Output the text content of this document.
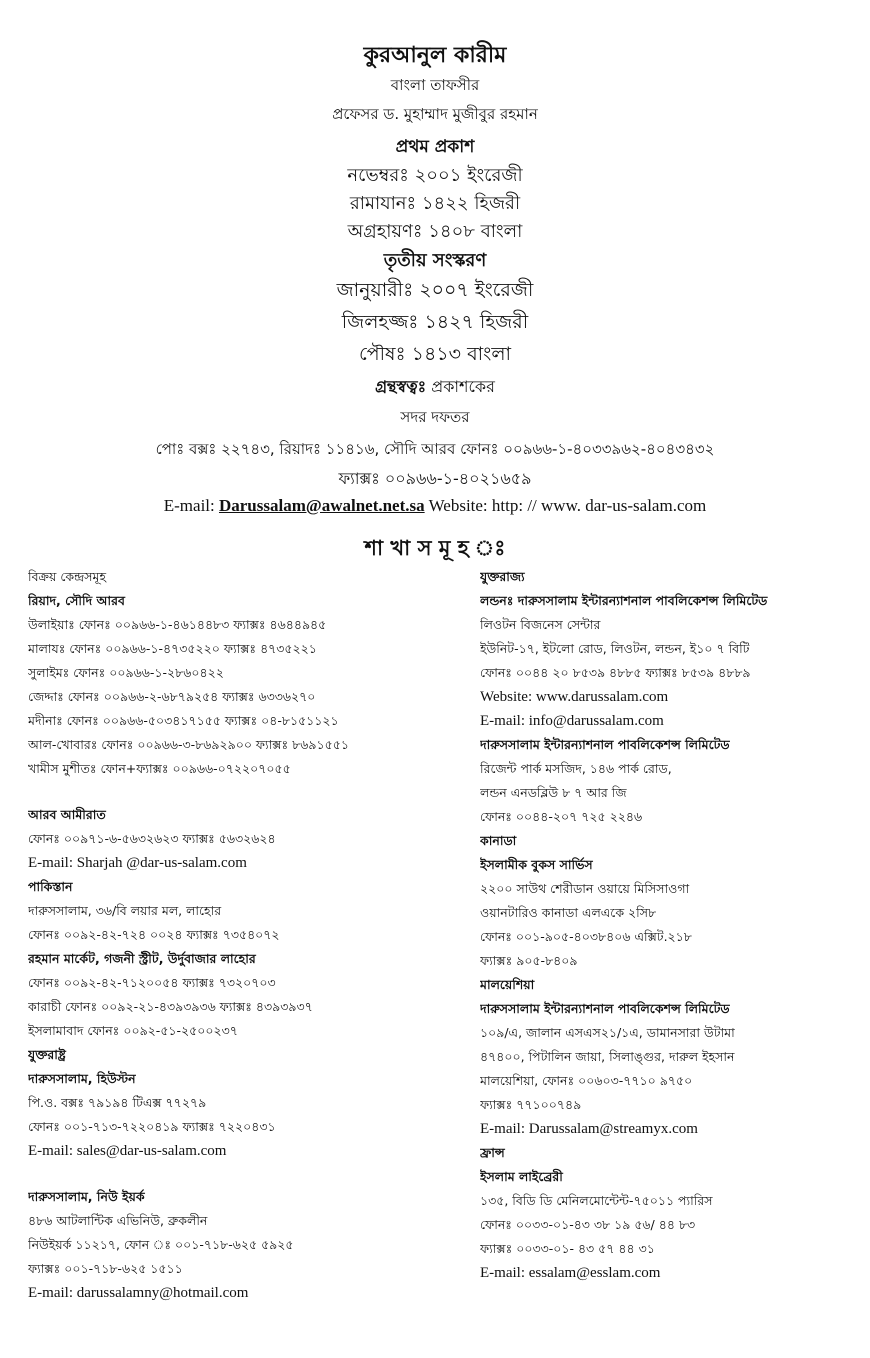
কুরআনুল কারীম
বাংলা তাফসীর
প্রফেসর ড. মুহাম্মাদ মুজীবুর রহমান
প্রথম প্রকাশ
নভেম্বরঃ ২০০১ ইংরেজী
রামাযানঃ ১৪২২ হিজরী
অগ্রহায়ণঃ ১৪০৮ বাংলা
তৃতীয় সংস্করণ
জানুয়ারীঃ ২০০৭ ইংরেজী
জিলহজ্জঃ ১৪২৭ হিজরী
পৌষঃ ১৪১৩ বাংলা
গ্রন্থস্বত্বঃ প্রকাশকের
সদর দফতর
পোঃ বক্সঃ ২২৭৪৩, রিয়াদঃ ১১৪১৬, সৌদি আরব ফোনঃ ০০৯৬৬-১-৪০৩৩৯৬২-৪০৪৩৪৩২
ফ্যাক্সঃ ০০৯৬৬-১-৪০২১৬৫৯
E-mail: Darussalam@awalnet.net.sa Website: http: // www. dar-us-salam.com
শা খা স মূ হ ঃ
বিক্রয় কেন্দ্রসমূহ
রিয়াদ, সৌদি আরব
উলাইয়াঃ ফোনঃ ০০৯৬৬-১-৪৬১৪৪৮৩ ফ্যাক্সঃ ৪৬৪৪৯৪৫
মালাযঃ ফোনঃ ০০৯৬৬-১-৪৭৩৫২২০ ফ্যাক্সঃ ৪৭৩৫২২১
সুলাইমঃ ফোনঃ ০০৯৬৬-১-২৮৬০৪২২
জেদ্দাঃ ফোনঃ ০০৯৬৬-২-৬৮৭৯২৫৪ ফ্যাক্সঃ ৬৩৩৬২৭০
মদীনাঃ ফোনঃ ০০৯৬৬-৫০৩৪১৭১৫৫ ফ্যাক্সঃ ০৪-৮১৫১১২১
আল-খোবারঃ ফোনঃ ০০৯৬৬-৩-৮৬৯২৯০০ ফ্যাক্সঃ ৮৬৯১৫৫১
খামীস মুশীতঃ ফোন+ফ্যাক্সঃ ০০৯৬৬-০৭২২০৭০৫৫
আরব আমীরাত
ফোনঃ ০০৯৭১-৬-৫৬৩২৬২৩ ফ্যাক্সঃ ৫৬৩২৬২৪
E-mail: Sharjah @dar-us-salam.com
পাকিস্তান
দারুসসালাম, ৩৬/বি লয়ার মল, লাহোর
ফোনঃ ০০৯২-৪২-৭২৪ ০০২৪ ফ্যাক্সঃ ৭৩৫৪০৭২
রহমান মার্কেট, গজনী স্ট্রীট, উর্দুবাজার লাহোর
ফোনঃ ০০৯২-৪২-৭১২০০৫৪ ফ্যাক্সঃ ৭৩২০৭০৩
কারাচী ফোনঃ ০০৯২-২১-৪৩৯৩৯৩৬ ফ্যাক্সঃ ৪৩৯৩৯৩৭
ইসলামাবাদ ফোনঃ ০০৯২-৫১-২৫০০২৩৭
যুক্তরাষ্ট্র
দারুসসালাম, হিউস্টন
পি.ও. বক্সঃ ৭৯১৯৪ টিএক্স ৭৭২৭৯
ফোনঃ ০০১-৭১৩-৭২২০৪১৯ ফ্যাক্সঃ ৭২২০৪৩১
E-mail: sales@dar-us-salam.com
দারুসসালাম, নিউ ইয়র্ক
৪৮৬ আটলান্টিক এভিনিউ, ব্রুকলীন
নিউইয়র্ক ১১২১৭, ফোন ঃ ০০১-৭১৮-৬২৫ ৫৯২৫
ফ্যাক্সঃ ০০১-৭১৮-৬২৫ ১৫১১
E-mail: darussalamny@hotmail.com
যুক্তরাজ্য
লন্ডনঃ দারুসসালাম ইন্টারন্যাশনাল পাবলিকেশন্স লিমিটেড
লিওটন বিজনেস সেন্টার
ইউনিট-১৭, ইটলো রোড, লিওটন, লন্ডন, ই১০ ৭ বিটি
ফোনঃ ০০৪৪ ২০ ৮৫৩৯ ৪৮৮৫ ফ্যাক্সঃ ৮৫৩৯ ৪৮৮৯
Website: www.darussalam.com
E-mail: info@darussalam.com
দারুসসালাম ইন্টারন্যাশনাল পাবলিকেশন্স লিমিটেড
রিজেন্ট পার্ক মসজিদ, ১৪৬ পার্ক রোড,
লন্ডন এনডব্লিউ ৮ ৭ আর জি
ফোনঃ ০০৪৪-২০৭ ৭২৫ ২২৪৬
কানাডা
ইসলামীক বুকস সার্ভিস
২২০০ সাউথ শেরীডান ওয়ায়ে মিসিসাওগা
ওয়ানটারিও কানাডা এলএকে ২সি৮
ফোনঃ ০০১-৯০৫-৪০৩৮৪০৬ এক্সিট.২১৮
ফ্যাক্সঃ ৯০৫-৮৪০৯
মালয়েশিয়া
দারুসসালাম ইন্টারন্যাশনাল পাবলিকেশন্স লিমিটেড
১০৯/এ, জালান এসএস২১/১এ, ডামানসারা উটামা
৪৭৪০০, পিটালিন জায়া, সিলাঙ্গুর, দারুল ইহসান
মালয়েশিয়া, ফোনঃ ০০৬০৩-৭৭১০ ৯৭৫০
ফ্যাক্সঃ ৭৭১০০৭৪৯
E-mail: Darussalam@streamyx.com
ফ্রান্স
ইসলাম লাইব্রেরী
১৩৫, বিডি ডি মেনিলমোন্টেন্ট-৭৫০১১ প্যারিস
ফোনঃ ০০৩৩-০১-৪৩ ৩৮ ১৯ ৫৬/ ৪৪ ৮৩
ফ্যাক্সঃ ০০৩৩-০১- ৪৩ ৫৭ ৪৪ ৩১
E-mail: essalam@esslam.com
